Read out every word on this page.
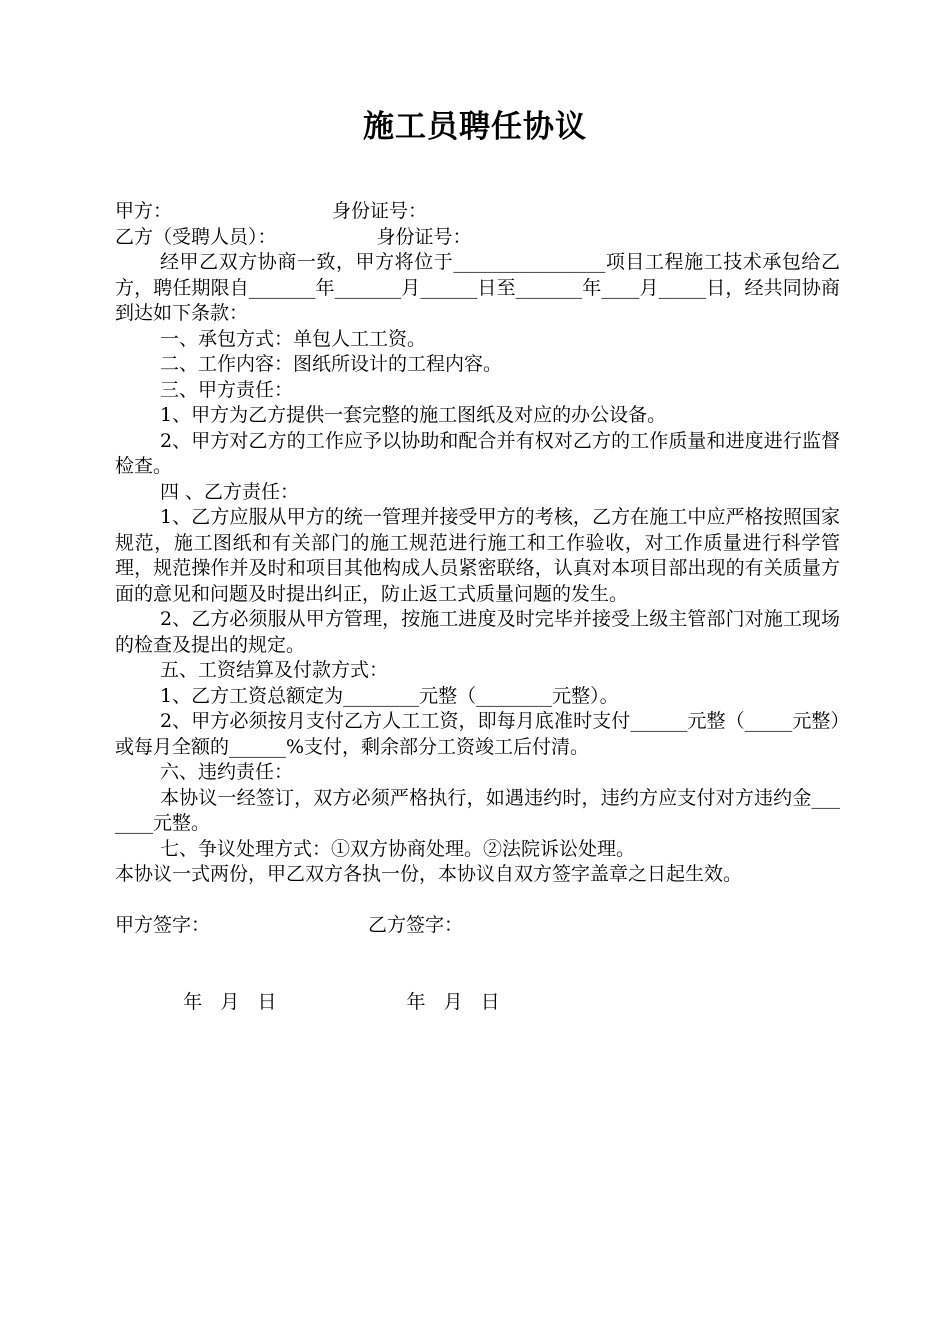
施工员聘任协议
甲方：	身份证号：
乙方（受聘人员）：	身份证号：
经甲乙双方协商一致，甲方将位于________________项目工程施工技术承包给乙方，聘任期限自_______年_______月______日至_______年____月_____日，经共同协商到达如下条款：
一、承包方式：单包人工工资。
二、工作内容：图纸所设计的工程内容。
三、甲方责任：
1、甲方为乙方提供一套完整的施工图纸及对应的办公设备。
2、甲方对乙方的工作应予以协助和配合并有权对乙方的工作质量和进度进行监督检查。
四 、乙方责任：
1、乙方应服从甲方的统一管理并接受甲方的考核，乙方在施工中应严格按照国家规范，施工图纸和有关部门的施工规范进行施工和工作验收，对工作质量进行科学管理，规范操作并及时和项目其他构成人员紧密联络，认真对本项目部出现的有关质量方面的意见和问题及时提出纠正，防止返工式质量问题的发生。
2、乙方必须服从甲方管理，按施工进度及时完毕并接受上级主管部门对施工现场的检查及提出的规定。
五、工资结算及付款方式：
1、乙方工资总额定为________元整（________元整）。
2、甲方必须按月支付乙方人工工资，即每月底准时支付______元整（_____元整）或每月全额的______%支付，剩余部分工资竣工后付清。
六、违约责任：
本协议一经签订，双方必须严格执行，如遇违约时，违约方应支付对方违约金_______元整。
七、争议处理方式：①双方协商处理。②法院诉讼处理。
本协议一式两份，甲乙双方各执一份，本协议自双方签字盖章之日起生效。
甲方签字：	乙方签字：

年   月   日	年   月   日
